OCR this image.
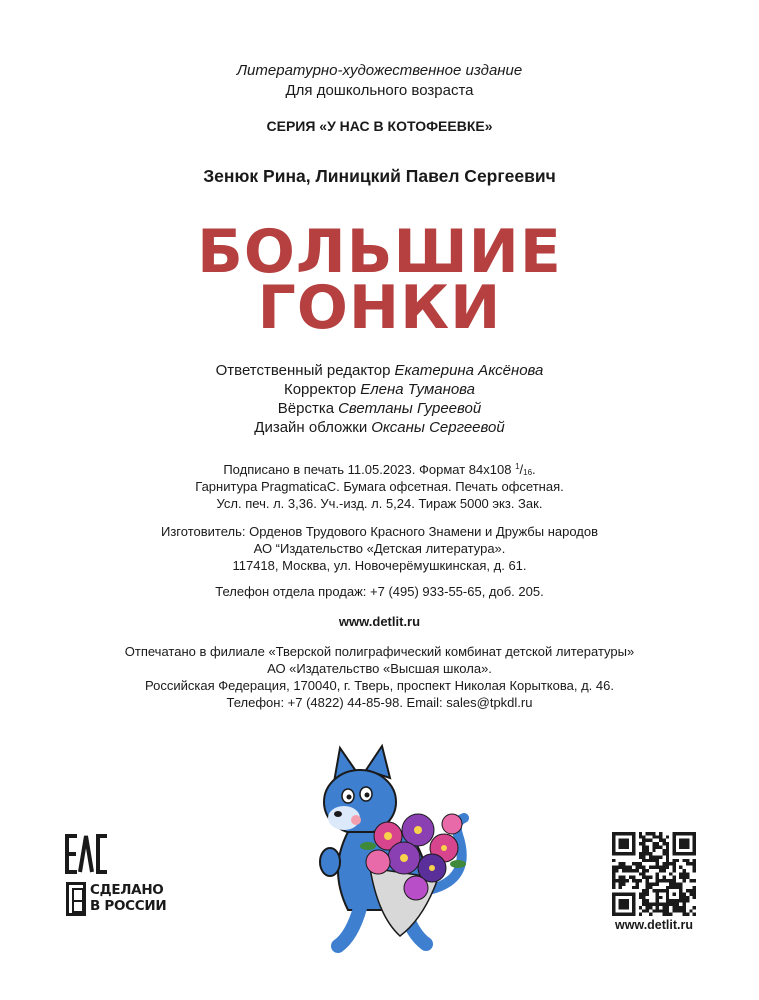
Литературно-художественное издание
Для дошкольного возраста
СЕРИЯ «У НАС В КОТОФЕЕВКЕ»
Зенюк Рина, Линицкий Павел Сергеевич
БОЛЬШИЕ
ГОНКИ
Ответственный редактор Екатерина Аксёнова
Корректор Елена Туманова
Вёрстка Светланы Гуреевой
Дизайн обложки Оксаны Сергеевой
Подписано в печать 11.05.2023. Формат 84х108 $^1/_{16}$.
Гарнитура PragmaticaC. Бумага офсетная. Печать офсетная.
Усл. печ. л. 3,36. Уч.-изд. л. 5,24. Тираж 5000 экз. Зак.
Изготовитель: Орденов Трудового Красного Знамени и Дружбы народов
АО “Издательство «Детская литература».
117418, Москва, ул. Новочерёмушкинская, д. 61.
Телефон отдела продаж: +7 (495) 933-55-65, доб. 205.
www.detlit.ru
Отпечатано в филиале «Тверской полиграфический комбинат детской литературы»
АО «Издательство «Высшая школа».
Российская Федерация, 170040, г. Тверь, проспект Николая Корыткова, д. 46.
Телефон: +7 (4822) 44-85-98. Email: sales@tpkdl.ru
СДЕЛАНО
В РОССИИ
www.detlit.ru
